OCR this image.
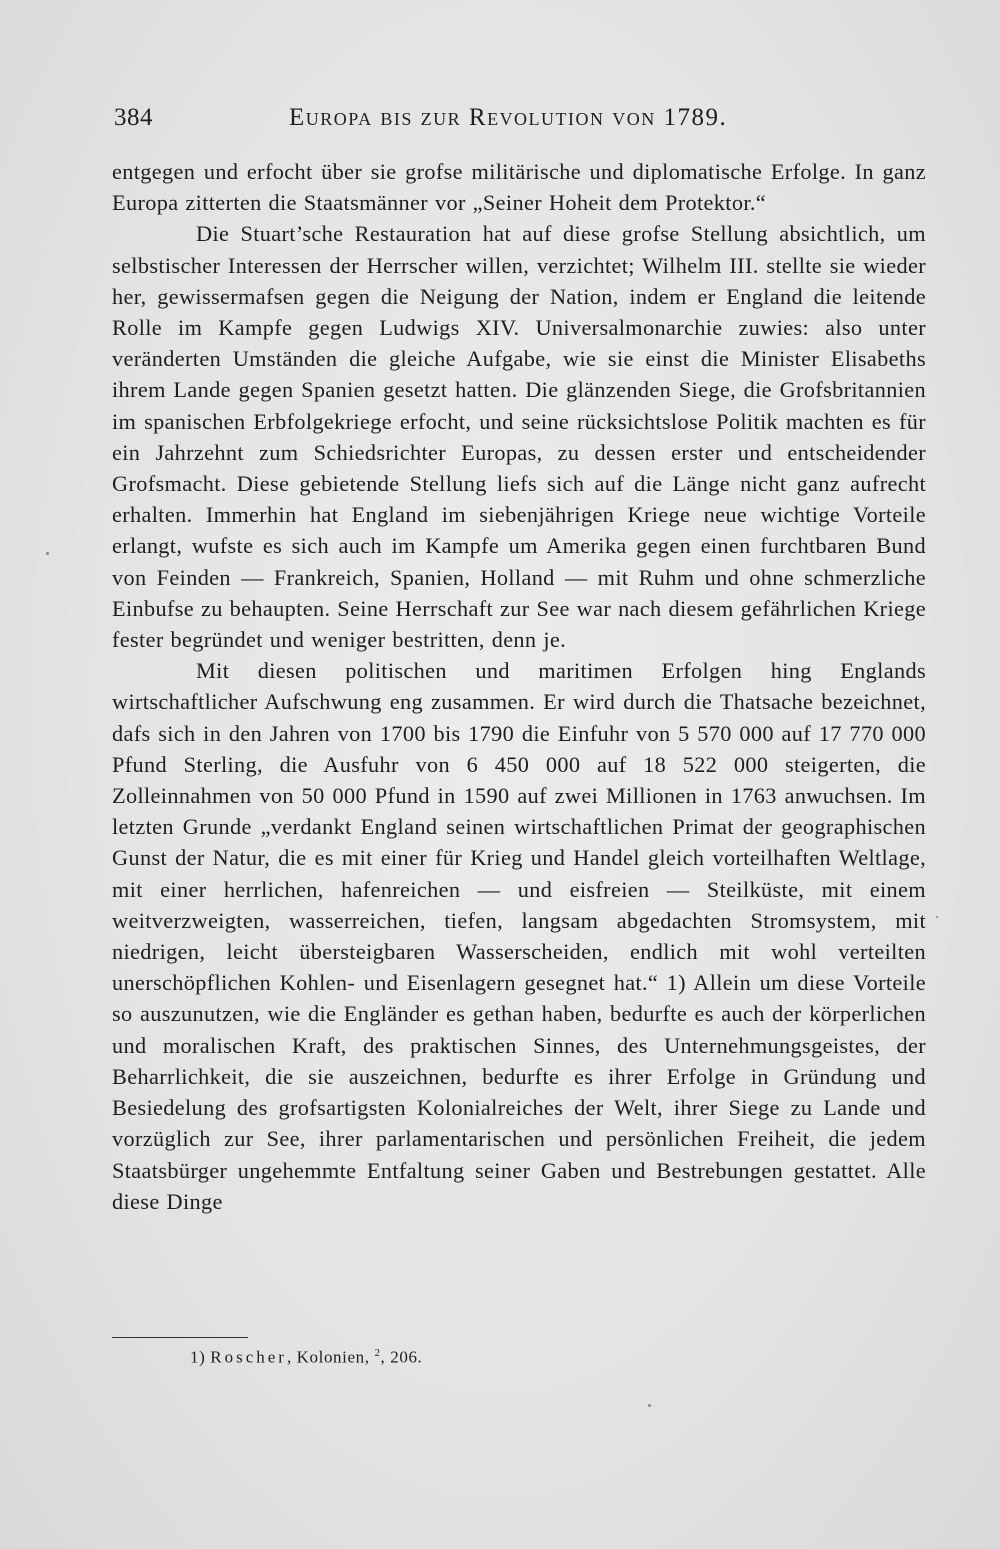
384	Europa bis zur Revolution von 1789.

entgegen und erfocht über sie grofse militärische und diplomatische Erfolge. In ganz Europa zitterten die Staatsmänner vor „Seiner Hoheit dem Protektor.“

Die Stuart’sche Restauration hat auf diese grofse Stellung absichtlich, um selbstischer Interessen der Herrscher willen, verzichtet; Wilhelm III. stellte sie wieder her, gewissermafsen gegen die Neigung der Nation, indem er England die leitende Rolle im Kampfe gegen Ludwigs XIV. Universalmonarchie zuwies: also unter veränderten Umständen die gleiche Aufgabe, wie sie einst die Minister Elisabeths ihrem Lande gegen Spanien gesetzt hatten. Die glänzenden Siege, die Grofsbritannien im spanischen Erbfolgekriege erfocht, und seine rücksichtslose Politik machten es für ein Jahrzehnt zum Schiedsrichter Europas, zu dessen erster und entscheidender Grofsmacht. Diese gebietende Stellung liefs sich auf die Länge nicht ganz aufrecht erhalten. Immerhin hat England im siebenjährigen Kriege neue wichtige Vorteile erlangt, wufste es sich auch im Kampfe um Amerika gegen einen furchtbaren Bund von Feinden — Frankreich, Spanien, Holland — mit Ruhm und ohne schmerzliche Einbufse zu behaupten. Seine Herrschaft zur See war nach diesem gefährlichen Kriege fester begründet und weniger bestritten, denn je.

Mit diesen politischen und maritimen Erfolgen hing Englands wirtschaftlicher Aufschwung eng zusammen. Er wird durch die Thatsache bezeichnet, dafs sich in den Jahren von 1700 bis 1790 die Einfuhr von 5 570 000 auf 17 770 000 Pfund Sterling, die Ausfuhr von 6 450 000 auf 18 522 000 steigerten, die Zolleinnahmen von 50 000 Pfund in 1590 auf zwei Millionen in 1763 anwuchsen. Im letzten Grunde „verdankt England seinen wirtschaftlichen Primat der geographischen Gunst der Natur, die es mit einer für Krieg und Handel gleich vorteilhaften Weltlage, mit einer herrlichen, hafenreichen — und eisfreien — Steilküste, mit einem weitverzweigten, wasserreichen, tiefen, langsam abgedachten Stromsystem, mit niedrigen, leicht übersteigbaren Wasserscheiden, endlich mit wohl verteilten unerschöpflichen Kohlen- und Eisenlagern gesegnet hat.“ 1) Allein um diese Vorteile so auszunutzen, wie die Engländer es gethan haben, bedurfte es auch der körperlichen und moralischen Kraft, des praktischen Sinnes, des Unternehmungsgeistes, der Beharrlichkeit, die sie auszeichnen, bedurfte es ihrer Erfolge in Gründung und Besiedelung des grofsartigsten Kolonialreiches der Welt, ihrer Siege zu Lande und vorzüglich zur See, ihrer parlamentarischen und persönlichen Freiheit, die jedem Staatsbürger ungehemmte Entfaltung seiner Gaben und Bestrebungen gestattet. Alle diese Dinge

1) Roscher, Kolonien, $^2$, 206.
